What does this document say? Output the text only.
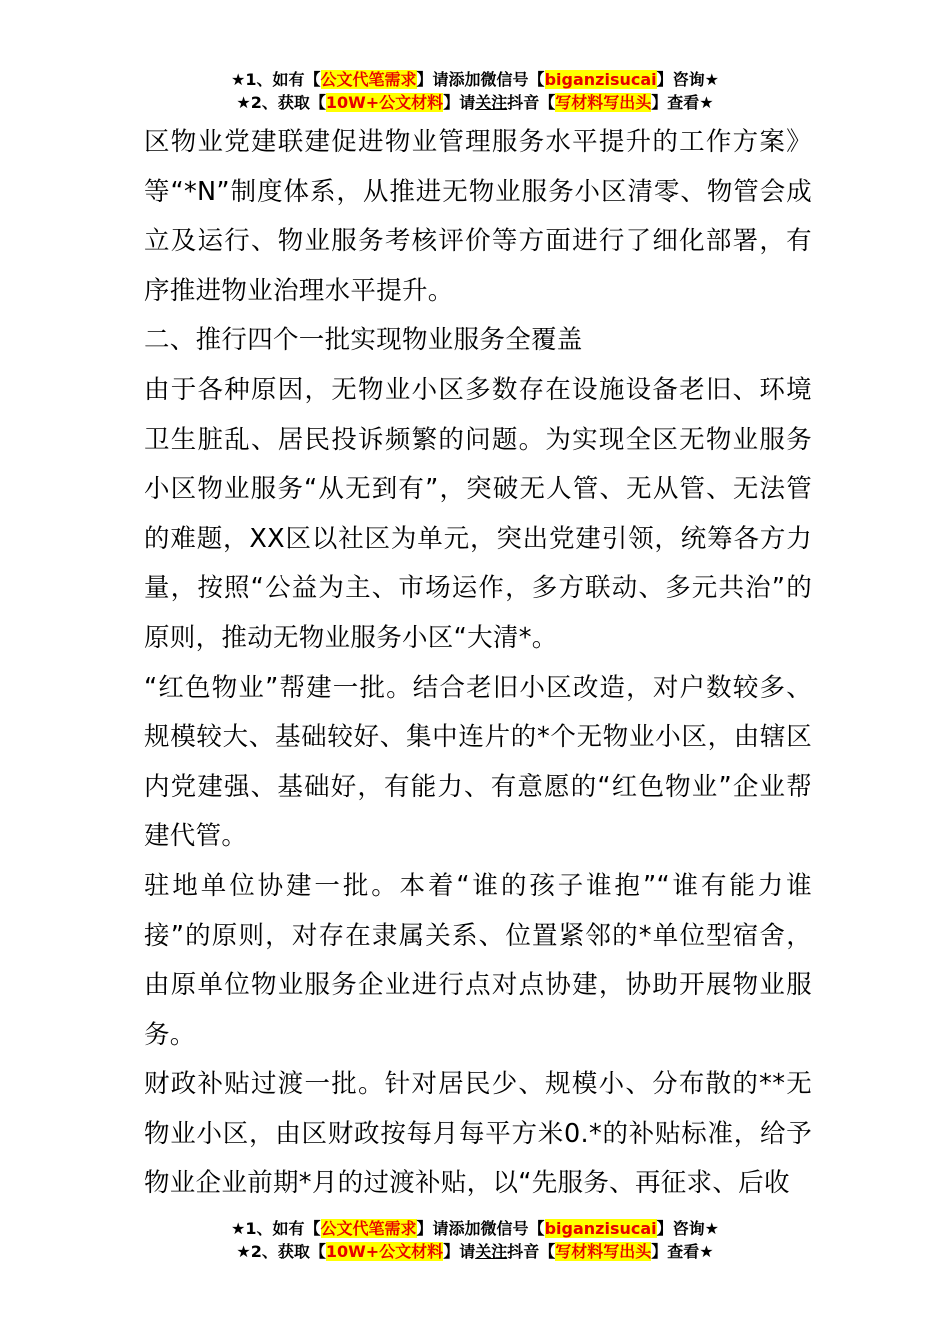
★1、如有【公文代笔需求】请添加微信号【biganzisucai】咨询★
★2、获取【10W+公文材料】请关注抖音【写材料写出头】查看★

区物业党建联建促进物业管理服务水平提升的工作方案》等“*N”制度体系，从推进无物业服务小区清零、物管会成立及运行、物业服务考核评价等方面进行了细化部署，有序推进物业治理水平提升。

二、推行四个一批实现物业服务全覆盖

由于各种原因，无物业小区多数存在设施设备老旧、环境卫生脏乱、居民投诉频繁的问题。为实现全区无物业服务小区物业服务“从无到有”，突破无人管、无从管、无法管的难题，XX区以社区为单元，突出党建引领，统筹各方力量，按照“公益为主、市场运作，多方联动、多元共治”的原则，推动无物业服务小区“大清*。

“红色物业”帮建一批。结合老旧小区改造，对户数较多、规模较大、基础较好、集中连片的*个无物业小区，由辖区内党建强、基础好，有能力、有意愿的“红色物业”企业帮建代管。

驻地单位协建一批。本着“谁的孩子谁抱”“谁有能力谁接”的原则，对存在隶属关系、位置紧邻的*单位型宿舍，由原单位物业服务企业进行点对点协建，协助开展物业服务。

财政补贴过渡一批。针对居民少、规模小、分布散的**无物业小区，由区财政按每月每平方米0.*的补贴标准，给予物业企业前期*月的过渡补贴，以“先服务、再征求、后收

★1、如有【公文代笔需求】请添加微信号【biganzisucai】咨询★
★2、获取【10W+公文材料】请关注抖音【写材料写出头】查看★
